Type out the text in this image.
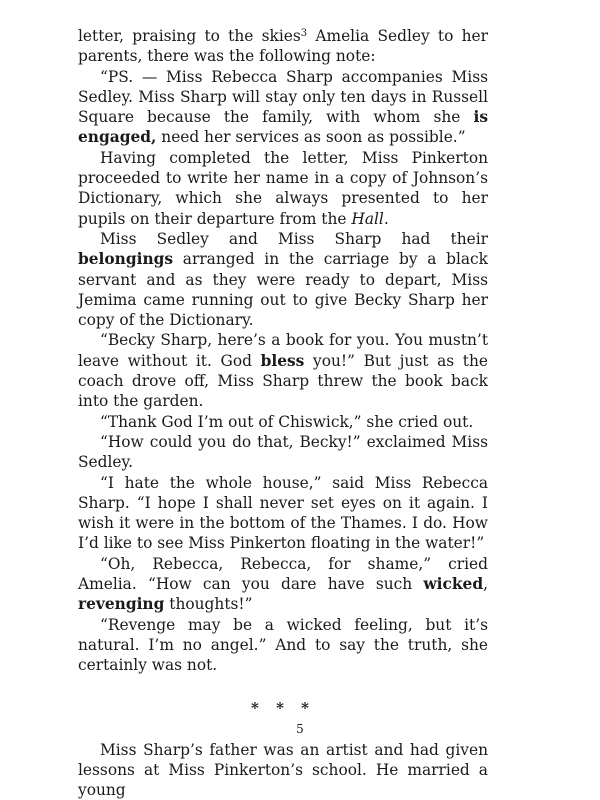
letter, praising to the skies$^3$ Amelia Sedley to her parents, there was the following note:

“PS. — Miss Rebecca Sharp accompanies Miss Sedley. Miss Sharp will stay only ten days in Russell Square because the family, with whom she is engaged, need her services as soon as possible.”

Having completed the letter, Miss Pinkerton proceeded to write her name in a copy of Johnson’s Dictionary, which she always presented to her pupils on their departure from the Hall.

Miss Sedley and Miss Sharp had their belongings arranged in the carriage by a black servant and as they were ready to depart, Miss Jemima came running out to give Becky Sharp her copy of the Dictionary.

“Becky Sharp, here’s a book for you. You mustn’t leave without it. God bless you!” But just as the coach drove off, Miss Sharp threw the book back into the garden.

“Thank God I’m out of Chiswick,” she cried out.

“How could you do that, Becky!” exclaimed Miss Sedley.

“I hate the whole house,” said Miss Rebecca Sharp. “I hope I shall never set eyes on it again. I wish it were in the bottom of the Thames. I do. How I’d like to see Miss Pinkerton floating in the water!”

“Oh, Rebecca, Rebecca, for shame,” cried Amelia. “How can you dare have such wicked, revenging thoughts!”

“Revenge may be a wicked feeling, but it’s natural. I’m no angel.” And to say the truth, she certainly was not.

* * *

Miss Sharp’s father was an artist and had given lessons at Miss Pinkerton’s school. He married a young

5
